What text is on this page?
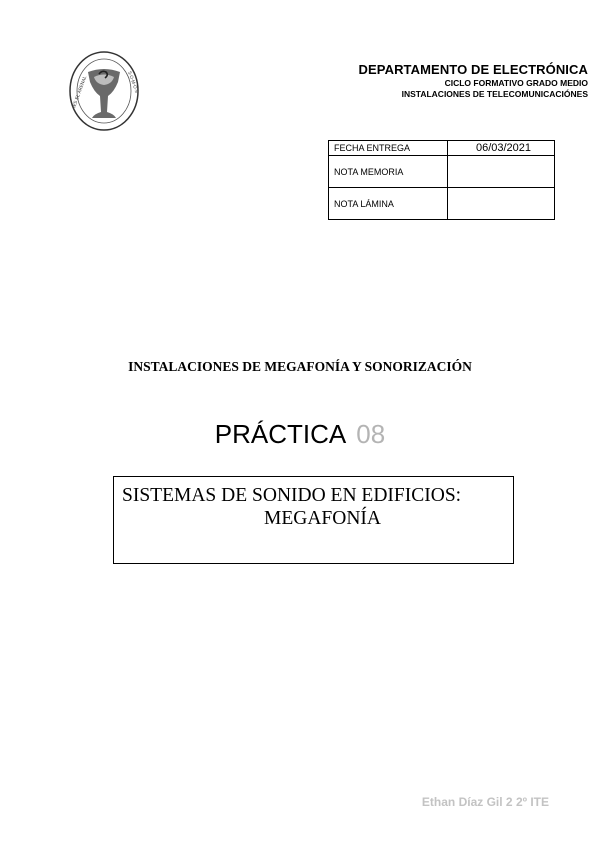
IES EL ARENAL	S·O·M·O·S
DEPARTAMENTO DE ELECTRÓNICA
CICLO FORMATIVO GRADO MEDIO
INSTALACIONES DE TELECOMUNICACIÓNES
FECHA ENTREGA	06/03/2021
NOTA MEMORIA	
NOTA LÁMINA	
INSTALACIONES DE MEGAFONÍA Y SONORIZACIÓN
PRÁCTICA 08
SISTEMAS DE SONIDO EN EDIFICIOS:
MEGAFONÍA
Ethan Díaz Gil 2 2º ITE
